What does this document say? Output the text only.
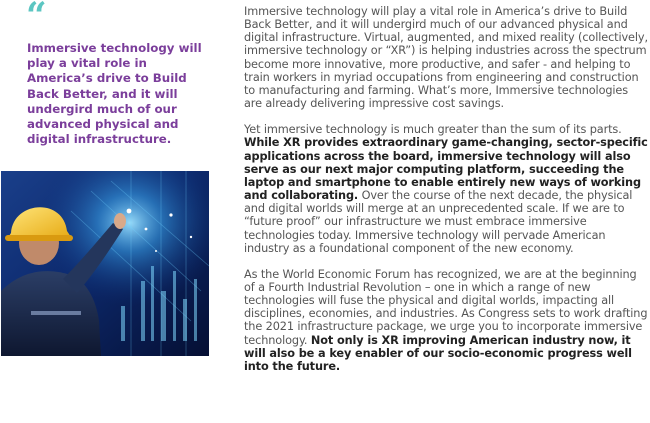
“

Immersive technology will play a vital role in America’s drive to Build Back Better, and it will undergird much of our advanced physical and digital infrastructure.

Immersive technology will play a vital role in America’s drive to Build Back Better, and it will undergird much of our advanced physical and digital infrastructure. Virtual, augmented, and mixed reality (collectively, immersive technology or “XR”) is helping industries across the spectrum become more innovative, more productive, and safer - and helping to train workers in myriad occupations from engineering and construction to manufacturing and farming. What’s more, Immersive technologies are already delivering impressive cost savings.

Yet immersive technology is much greater than the sum of its parts. While XR provides extraordinary game-changing, sector-specific applications across the board, immersive technology will also serve as our next major computing platform, succeeding the laptop and smartphone to enable entirely new ways of working and collaborating. Over the course of the next decade, the physical and digital worlds will merge at an unprecedented scale. If we are to “future proof” our infrastructure we must embrace immersive technologies today. Immersive technology will pervade American industry as a foundational component of the new economy.

As the World Economic Forum has recognized, we are at the beginning of a Fourth Industrial Revolution – one in which a range of new technologies will fuse the physical and digital worlds, impacting all disciplines, economies, and industries. As Congress sets to work drafting the 2021 infrastructure package, we urge you to incorporate immersive technology. Not only is XR improving American industry now, it will also be a key enabler of our socio-economic progress well into the future.
